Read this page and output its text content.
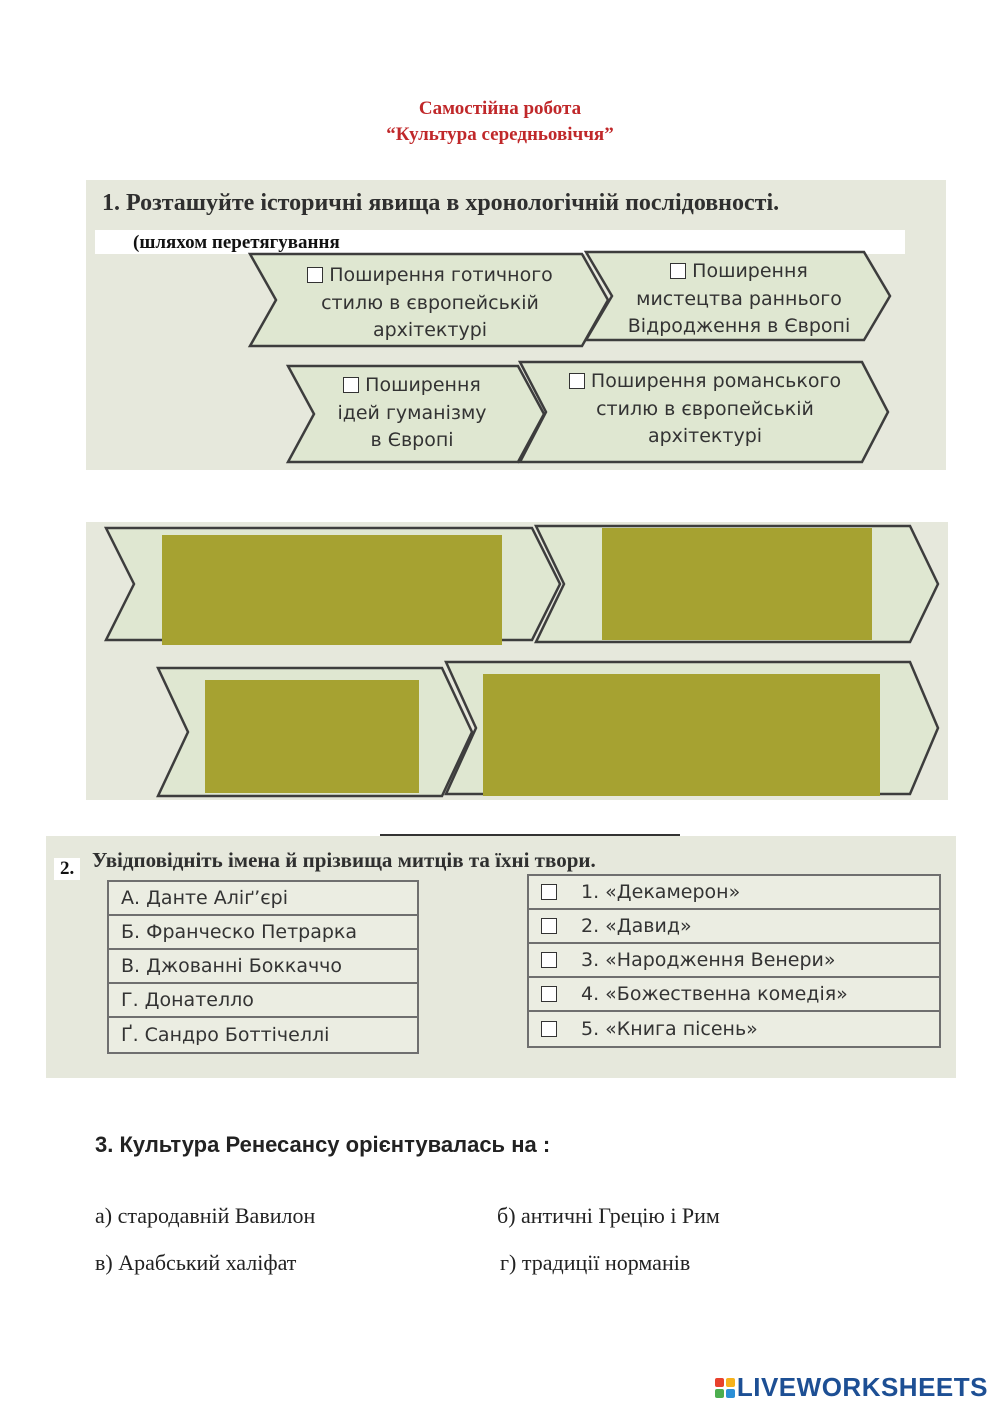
Самостійна робота
“Культура середньовіччя”
1. Розташуйте історичні явища в хронологічній послідовності.
(шляхом перетягування
Поширення готичного
стилю в європейській
архітектурі
Поширення
мистецтва раннього
Відродження в Європі
Поширення
ідей гуманізму
в Європі
Поширення романського
стилю в європейській
архітектурі
2. Увідповідніть імена й прізвища митців та їхні твори.
А. Данте Аліґ’єрі
Б. Франческо Петрарка
В. Джованні Боккаччо
Г. Донателло
Ґ. Сандро Боттічеллі
1. «Декамерон»
2. «Давид»
3. «Народження Венери»
4. «Божественна комедія»
5. «Книга пісень»
3. Культура Ренесансу орієнтувалась на :
а) стародавній Вавилон	б) античні Грецію і Рим
в) Арабський халіфат	г) традиції норманів
LIVEWORKSHEETS
